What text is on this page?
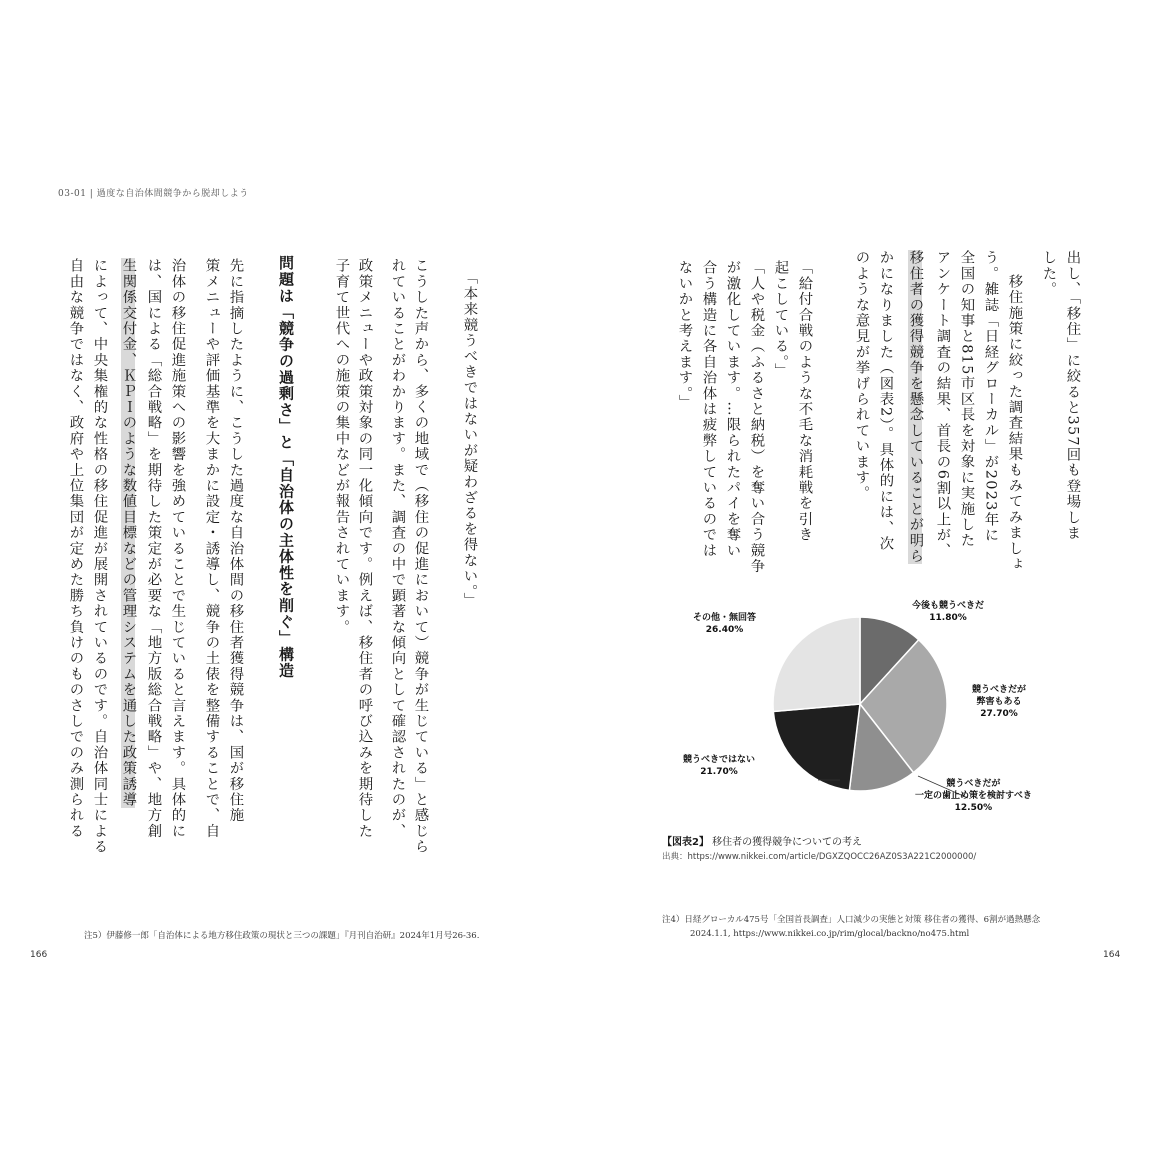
03-01 | 過度な自治体間競争から脱却しよう
「本来競うべきではないが疑わざるを得ない。」
こうした声から、多くの地域で（移住の促進において）競争が生じている」と感じら
れていることがわかります。また、調査の中で顕著な傾向として確認されたのが、
政策メニューや政策対象の同一化傾向です。例えば、移住者の呼び込みを期待した
子育て世代への施策の集中などが報告されています。
問題は「競争の過剰さ」と「自治体の主体性を削ぐ」構造
先に指摘したように、こうした過度な自治体間の移住者獲得競争は、国が移住施
策メニューや評価基準を大まかに設定・誘導し、競争の土俵を整備することで、自
治体の移住促進施策への影響を強めていることで生じていると言えます。具体的に
は、国による「総合戦略」を期待した策定が必要な「地方版総合戦略」や、地方創
生関係交付金、ＫＰＩのような数値目標などの管理システムを通した政策誘導
によって、中央集権的な性格の移住促進が展開されているのです。自治体同士による
自由な競争ではなく、政府や上位集団が定めた勝ち負けのものさしでのみ測られる
注5）伊藤修一郎「自治体による地方移住政策の現状と三つの課題」『月刊自治研』2024年1月号26-36.
166
出し、「移住」に絞ると357回も登場しま
した。
　移住施策に絞った調査結果もみてみましょ
う。雑誌「日経グローカル」が2023年に
全国の知事と815市区長を対象に実施した
アンケート調査の結果、首長の6割以上が、
移住者の獲得競争を懸念していることが明ら
かになりました（図表2）。具体的には、次
のような意見が挙げられています。
「給付合戦のような不毛な消耗戦を引き
起こしている。」
「人や税金（ふるさと納税）を奪い合う競争
が激化しています。…限られたパイを奪い
合う構造に各自治体は疲弊しているのでは
ないかと考えます。」
今後も競うべきだ
11.80%
競うべきだが
弊害もある
27.70%
競うべきだが
一定の歯止め策を検討すべき
12.50%
競うべきではない
21.70%
その他・無回答
26.40%
【図表2】 移住者の獲得競争についての考え
出典：https://www.nikkei.com/article/DGXZQOCC26AZ0S3A221C2000000/
注4）日経グローカル475号「全国首長調査」人口減少の実態と対策 移住者の獲得、6割が過熱懸念
2024.1.1, https://www.nikkei.co.jp/rim/glocal/backno/no475.html
164
